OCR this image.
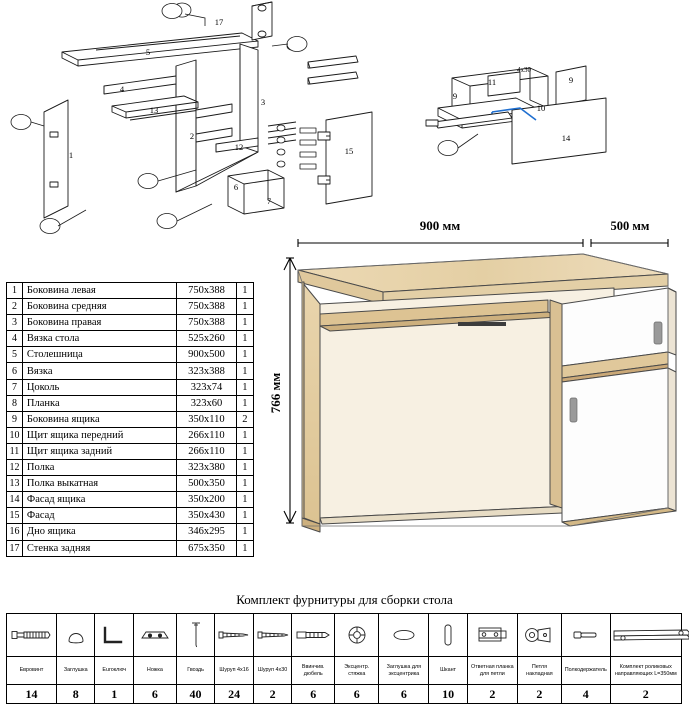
17
5
4
13
2
1
3
12
6
7
15
11	9
10
9
14
4х30
1	Боковина левая	750x388	1
2	Боковина средняя	750x388	1
3	Боковина правая	750x388	1
4	Вязка стола	525x260	1
5	Столешница	900x500	1
6	Вязка	323x388	1
7	Цоколь	323x74	1
8	Планка	323x60	1
9	Боковина ящика	350x110	2
10	Щит ящика передний	266x110	1
11	Щит ящика задний	266x110	1
12	Полка	323x380	1
13	Полка выкатная	500x350	1
14	Фасад ящика	350x200	1
15	Фасад	350x430	1
16	Дно ящика	346x295	1
17	Стенка задняя	675x350	1
900 мм	500 мм
766 мм
Комплект фурнитуры для сборки стола

Евровинт	Заглушка	Euroключ	Ножка	Гвоздь	Шуруп 4x16	Шуруп 4x30	Ввинчив. дюбель	Эксцентр. стяжка	Заглушка для эксцентрика	Шкант	Ответная планка для петли	Петля накладная	Полкодержатель	Комплект роликовых направляющих L=350мм
14	8	1	6	40	24	2	6	6	6	10	2	2	4	2
